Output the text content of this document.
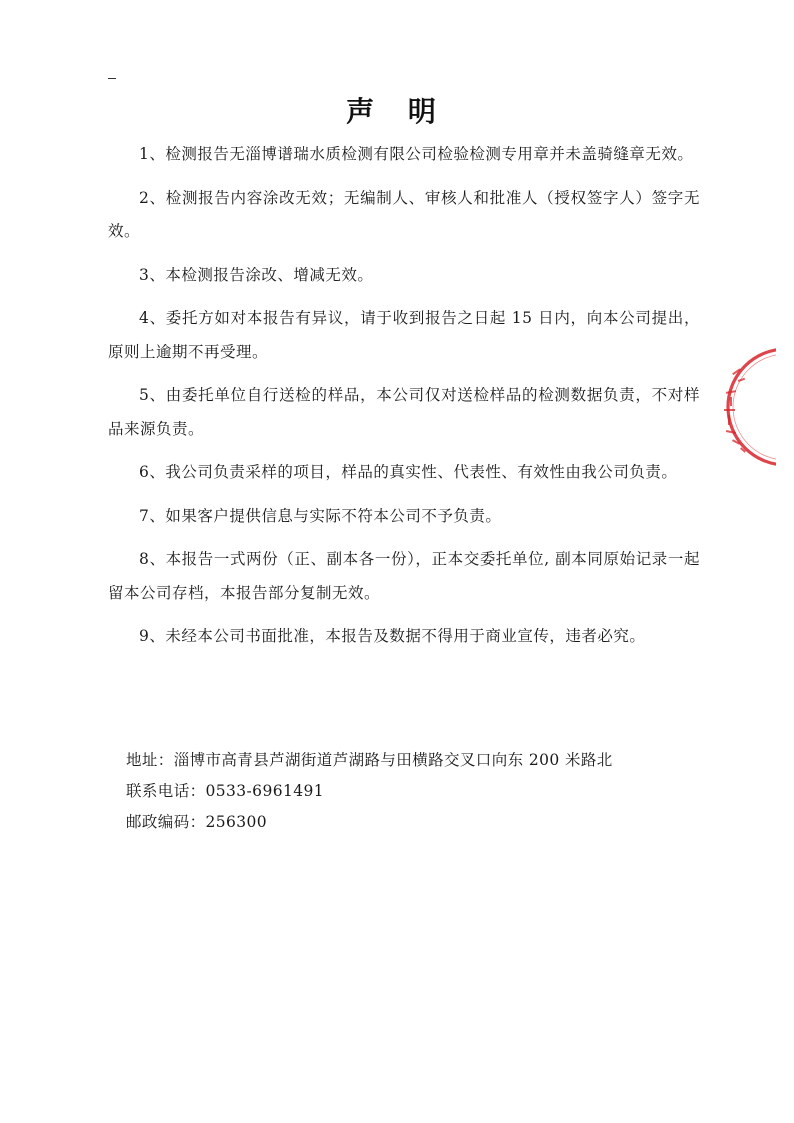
声 明

1、检测报告无淄博谱瑞水质检测有限公司检验检测专用章并未盖骑缝章无效。

2、检测报告内容涂改无效；无编制人、审核人和批准人（授权签字人）签字无效。

3、本检测报告涂改、增减无效。

4、委托方如对本报告有异议，请于收到报告之日起 15 日内，向本公司提出，原则上逾期不再受理。

5、由委托单位自行送检的样品，本公司仅对送检样品的检测数据负责，不对样品来源负责。

6、我公司负责采样的项目，样品的真实性、代表性、有效性由我公司负责。

7、如果客户提供信息与实际不符本公司不予负责。

8、本报告一式两份（正、副本各一份），正本交委托单位, 副本同原始记录一起留本公司存档，本报告部分复制无效。

9、未经本公司书面批准，本报告及数据不得用于商业宣传，违者必究。

地址：淄博市高青县芦湖街道芦湖路与田横路交叉口向东 200 米路北
联系电话：0533-6961491
邮政编码：256300
